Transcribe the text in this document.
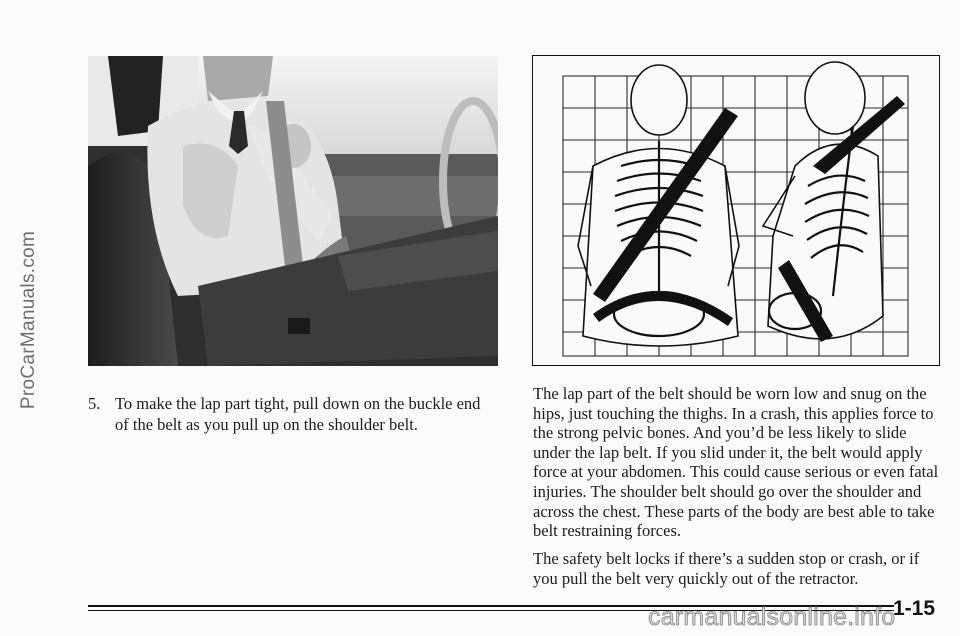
ProCarManuals.com	5. To make the lap part tight, pull down on the buckle end of the belt as you pull up on the shoulder belt.

The lap part of the belt should be worn low and snug on the hips, just touching the thighs. In a crash, this applies force to the strong pelvic bones. And you’d be less likely to slide under the lap belt. If you slid under it, the belt would apply force at your abdomen. This could cause serious or even fatal injuries. The shoulder belt should go over the shoulder and across the chest. These parts of the body are best able to take belt restraining forces.

The safety belt locks if there’s a sudden stop or crash, or if you pull the belt very quickly out of the retractor.

carmanualsonline.info
1-15
